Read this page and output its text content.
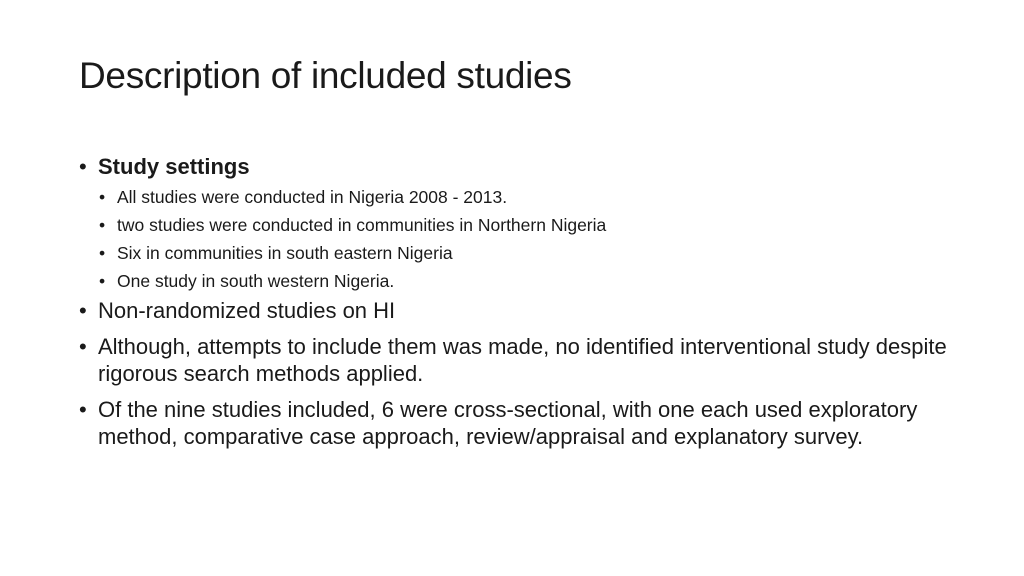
Description of included studies
• Study settings
• All studies were conducted in Nigeria 2008 - 2013.
• two studies were conducted in communities in Northern Nigeria
• Six in communities in south eastern Nigeria
• One study in south western Nigeria.
• Non-randomized studies on HI
• Although, attempts to include them was made, no identified interventional study despite rigorous search methods applied.
• Of the nine studies included, 6 were cross-sectional, with one each used exploratory method, comparative case approach, review/appraisal and explanatory survey.
